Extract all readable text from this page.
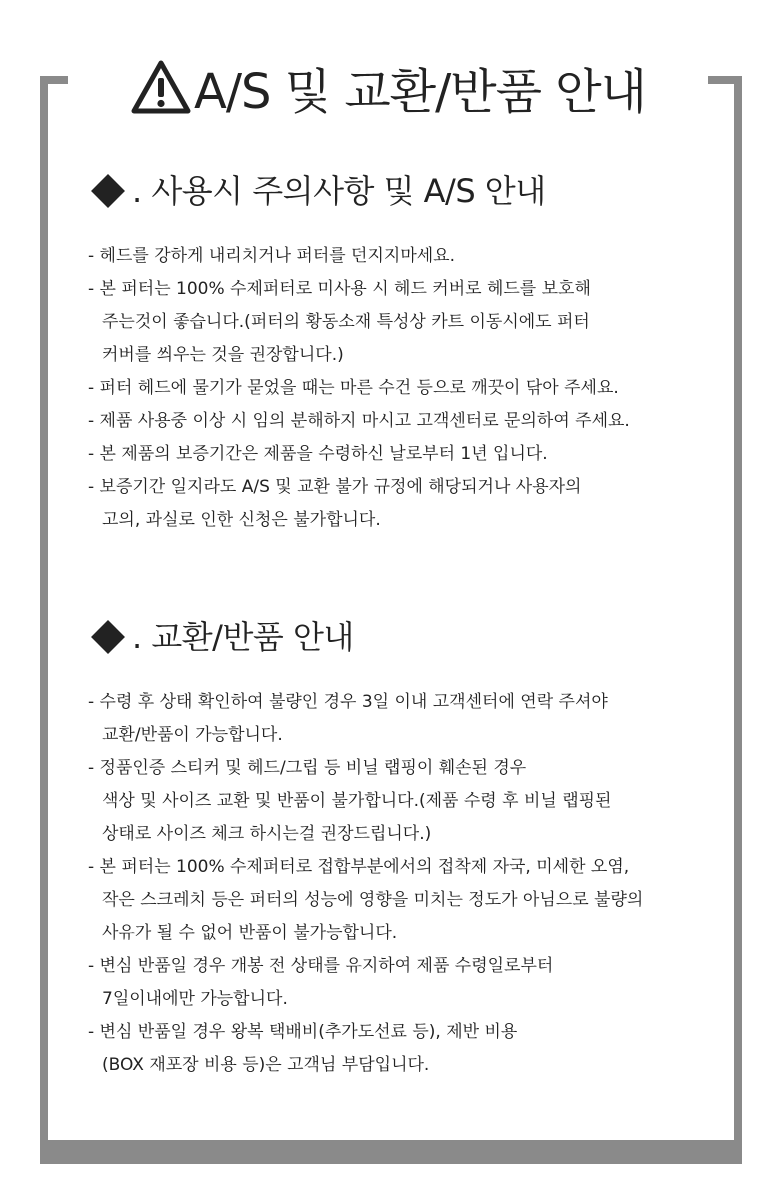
A/S 및 교환/반품 안내
. 사용시 주의사항 및 A/S 안내
- 헤드를 강하게 내리치거나 퍼터를 던지지마세요.
- 본 퍼터는 100% 수제퍼터로 미사용 시 헤드 커버로 헤드를 보호해
주는것이 좋습니다.(퍼터의 황동소재 특성상 카트 이동시에도 퍼터
커버를 씌우는 것을 권장합니다.)
- 퍼터 헤드에 물기가 묻었을 때는 마른 수건 등으로 깨끗이 닦아 주세요.
- 제품 사용중 이상 시 임의 분해하지 마시고 고객센터로 문의하여 주세요.
- 본 제품의 보증기간은 제품을 수령하신 날로부터 1년 입니다.
- 보증기간 일지라도 A/S 및 교환 불가 규정에 해당되거나 사용자의
고의, 과실로 인한 신청은 불가합니다.
. 교환/반품 안내
- 수령 후 상태 확인하여 불량인 경우 3일 이내 고객센터에 연락 주셔야
교환/반품이 가능합니다.
- 정품인증 스티커 및 헤드/그립 등 비닐 랩핑이 훼손된 경우
색상 및 사이즈 교환 및 반품이 불가합니다.(제품 수령 후 비닐 랩핑된
상태로 사이즈 체크 하시는걸 권장드립니다.)
- 본 퍼터는 100% 수제퍼터로 접합부분에서의 접착제 자국, 미세한 오염,
작은 스크레치 등은 퍼터의 성능에 영향을 미치는 정도가 아님으로 불량의
사유가 될 수 없어 반품이 불가능합니다.
- 변심 반품일 경우 개봉 전 상태를 유지하여 제품 수령일로부터
7일이내에만 가능합니다.
- 변심 반품일 경우 왕복 택배비(추가도선료 등), 제반 비용
(BOX 재포장 비용 등)은 고객님 부담입니다.
